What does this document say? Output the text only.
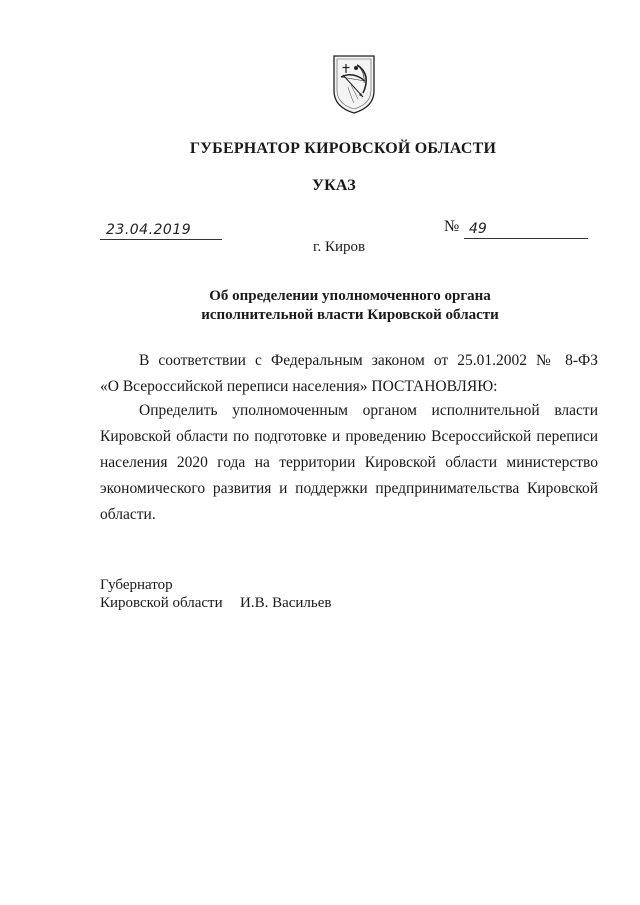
ГУБЕРНАТОР КИРОВСКОЙ ОБЛАСТИ
УКАЗ
23.04.2019	№ 49
г. Киров
Об определении уполномоченного органа
исполнительной власти Кировской области
В соответствии с Федеральным законом от 25.01.2002 № 8-ФЗ
«О Всероссийской переписи населения» ПОСТАНОВЛЯЮ:
Определить уполномоченным органом исполнительной власти
Кировской области по подготовке и проведению Всероссийской переписи
населения 2020 года на территории Кировской области министерство
экономического развития и поддержки предпринимательства Кировской
области.
Губернатор
Кировской области И.В. Васильев
